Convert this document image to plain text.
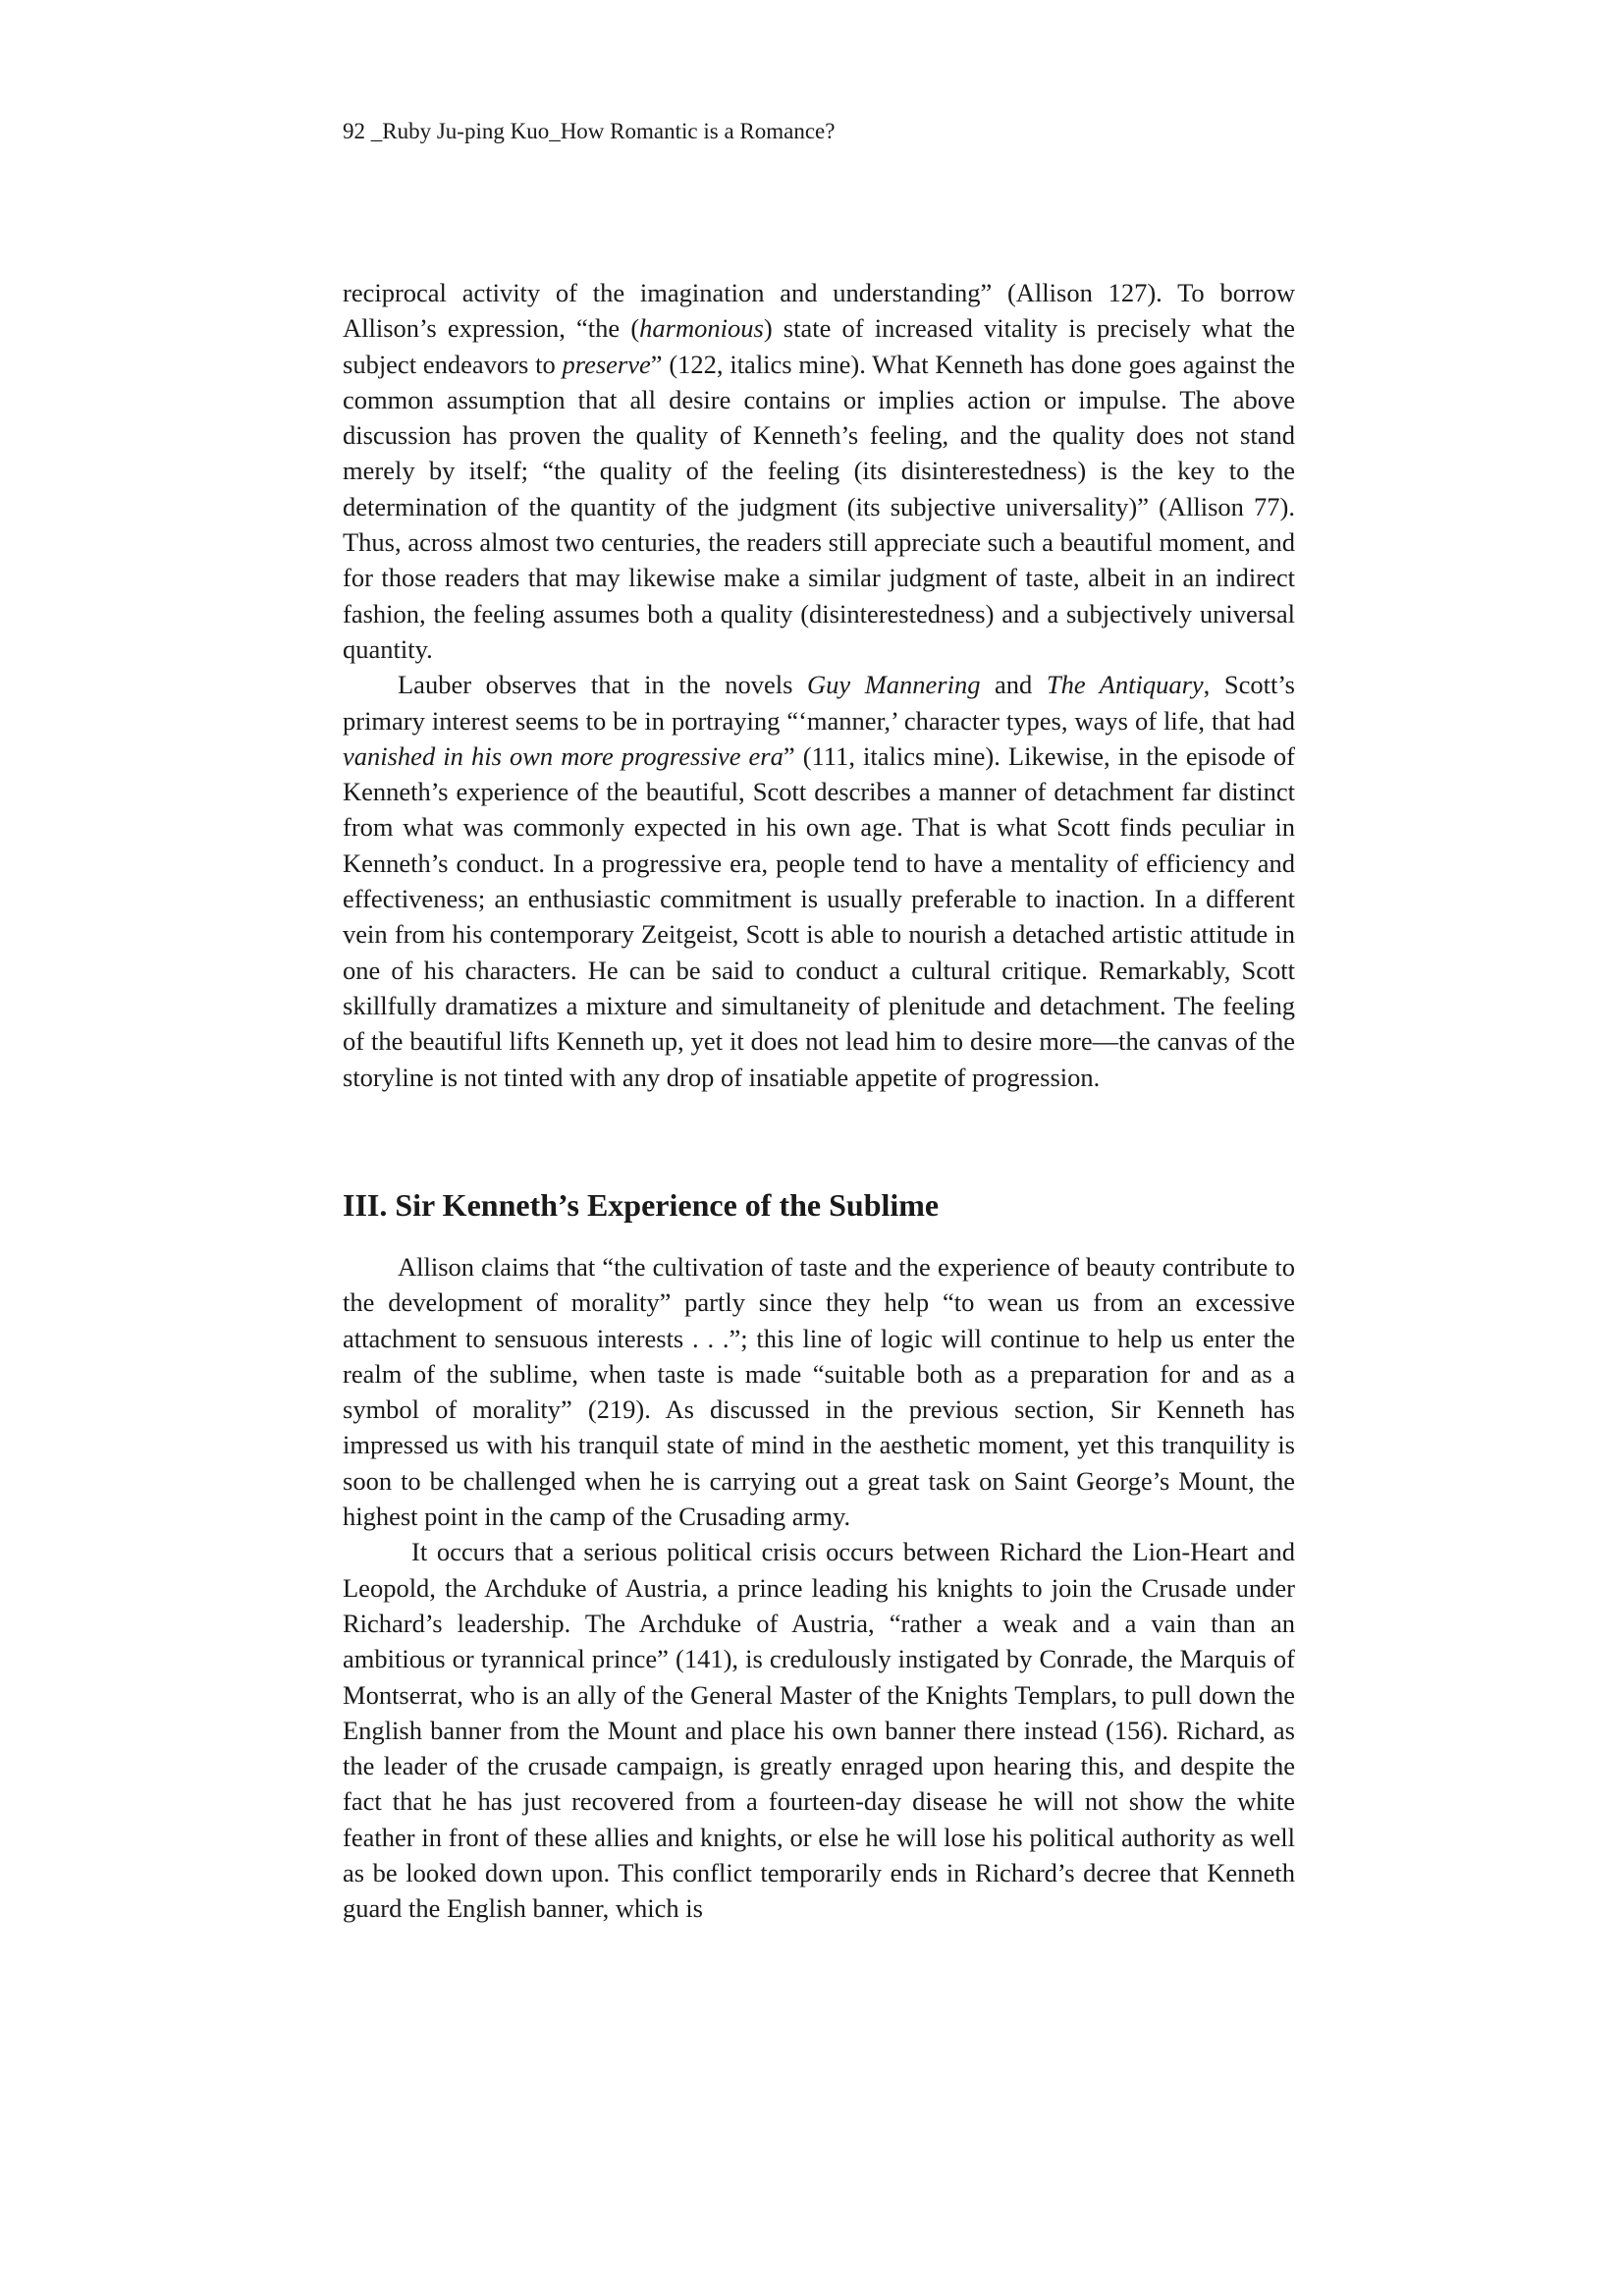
92 _Ruby Ju-ping Kuo_How Romantic is a Romance?

reciprocal activity of the imagination and understanding” (Allison 127). To borrow Allison’s expression, “the (harmonious) state of increased vitality is precisely what the subject endeavors to preserve” (122, italics mine). What Kenneth has done goes against the common assumption that all desire contains or implies action or impulse. The above discussion has proven the quality of Kenneth’s feeling, and the quality does not stand merely by itself; “the quality of the feeling (its disinterestedness) is the key to the determination of the quantity of the judgment (its subjective universality)” (Allison 77). Thus, across almost two centuries, the readers still appreciate such a beautiful moment, and for those readers that may likewise make a similar judgment of taste, albeit in an indirect fashion, the feeling assumes both a quality (disinterestedness) and a subjectively universal quantity.

Lauber observes that in the novels Guy Mannering and The Antiquary, Scott’s primary interest seems to be in portraying “‘manner,’ character types, ways of life, that had vanished in his own more progressive era” (111, italics mine). Likewise, in the episode of Kenneth’s experience of the beautiful, Scott describes a manner of detachment far distinct from what was commonly expected in his own age. That is what Scott finds peculiar in Kenneth’s conduct. In a progressive era, people tend to have a mentality of efficiency and effectiveness; an enthusiastic commitment is usually preferable to inaction. In a different vein from his contemporary Zeitgeist, Scott is able to nourish a detached artistic attitude in one of his characters. He can be said to conduct a cultural critique. Remarkably, Scott skillfully dramatizes a mixture and simultaneity of plenitude and detachment. The feeling of the beautiful lifts Kenneth up, yet it does not lead him to desire more—the canvas of the storyline is not tinted with any drop of insatiable appetite of progression.

III. Sir Kenneth’s Experience of the Sublime

Allison claims that “the cultivation of taste and the experience of beauty contribute to the development of morality” partly since they help “to wean us from an excessive attachment to sensuous interests . . .”; this line of logic will continue to help us enter the realm of the sublime, when taste is made “suitable both as a preparation for and as a symbol of morality” (219). As discussed in the previous section, Sir Kenneth has impressed us with his tranquil state of mind in the aesthetic moment, yet this tranquility is soon to be challenged when he is carrying out a great task on Saint George’s Mount, the highest point in the camp of the Crusading army.

It occurs that a serious political crisis occurs between Richard the Lion-Heart and Leopold, the Archduke of Austria, a prince leading his knights to join the Crusade under Richard’s leadership. The Archduke of Austria, “rather a weak and a vain than an ambitious or tyrannical prince” (141), is credulously instigated by Conrade, the Marquis of Montserrat, who is an ally of the General Master of the Knights Templars, to pull down the English banner from the Mount and place his own banner there instead (156). Richard, as the leader of the crusade campaign, is greatly enraged upon hearing this, and despite the fact that he has just recovered from a fourteen-day disease he will not show the white feather in front of these allies and knights, or else he will lose his political authority as well as be looked down upon. This conflict temporarily ends in Richard’s decree that Kenneth guard the English banner, which is
